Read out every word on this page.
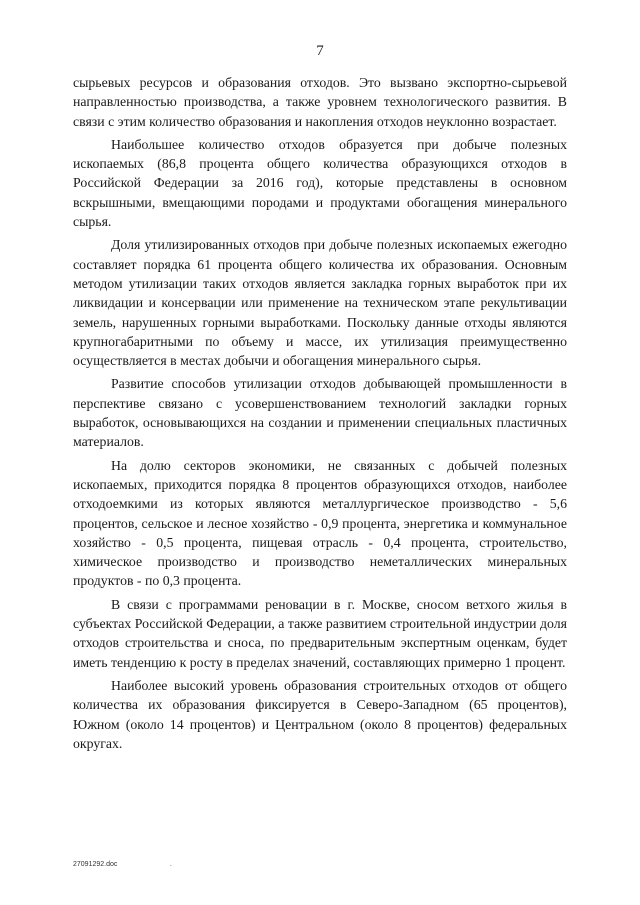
7

сырьевых ресурсов и образования отходов. Это вызвано экспортно-сырьевой направленностью производства, а также уровнем технологического развития. В связи с этим количество образования и накопления отходов неуклонно возрастает.

Наибольшее количество отходов образуется при добыче полезных ископаемых (86,8 процента общего количества образующихся отходов в Российской Федерации за 2016 год), которые представлены в основном вскрышными, вмещающими породами и продуктами обогащения минерального сырья.

Доля утилизированных отходов при добыче полезных ископаемых ежегодно составляет порядка 61 процента общего количества их образования. Основным методом утилизации таких отходов является закладка горных выработок при их ликвидации и консервации или применение на техническом этапе рекультивации земель, нарушенных горными выработками. Поскольку данные отходы являются крупногабаритными по объему и массе, их утилизация преимущественно осуществляется в местах добычи и обогащения минерального сырья.

Развитие способов утилизации отходов добывающей промышленности в перспективе связано с усовершенствованием технологий закладки горных выработок, основывающихся на создании и применении специальных пластичных материалов.

На долю секторов экономики, не связанных с добычей полезных ископаемых, приходится порядка 8 процентов образующихся отходов, наиболее отходоемкими из которых являются металлургическое производство - 5,6 процентов, сельское и лесное хозяйство - 0,9 процента, энергетика и коммунальное хозяйство - 0,5 процента, пищевая отрасль - 0,4 процента, строительство, химическое производство и производство неметаллических минеральных продуктов - по 0,3 процента.

В связи с программами реновации в г. Москве, сносом ветхого жилья в субъектах Российской Федерации, а также развитием строительной индустрии доля отходов строительства и сноса, по предварительным экспертным оценкам, будет иметь тенденцию к росту в пределах значений, составляющих примерно 1 процент.

Наиболее высокий уровень образования строительных отходов от общего количества их образования фиксируется в Северо-Западном (65 процентов), Южном (около 14 процентов) и Центральном (около 8 процентов) федеральных округах.

27091292.doc	.
